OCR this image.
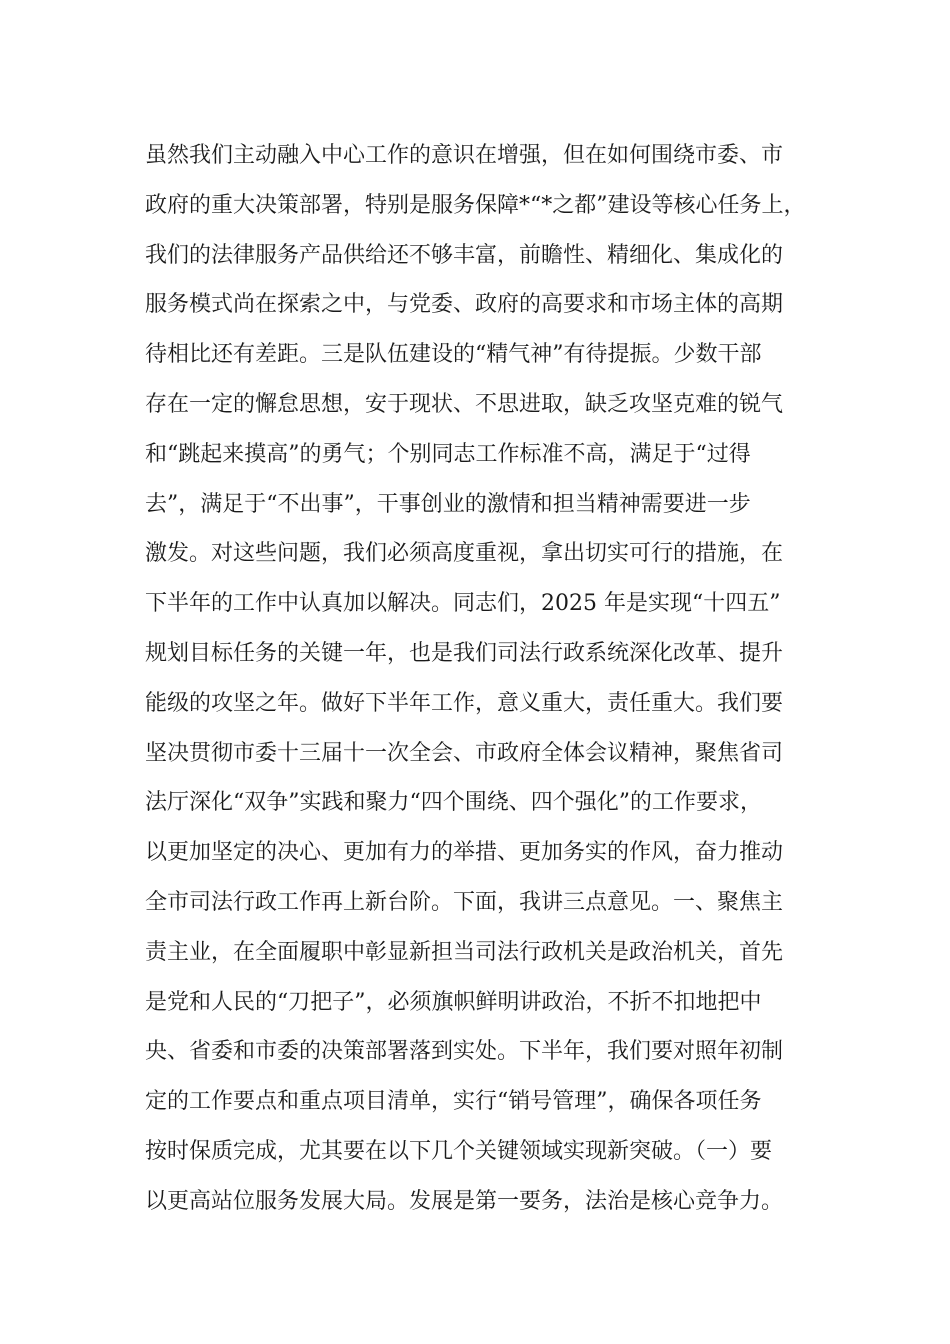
虽然我们主动融入中心工作的意识在增强，但在如何围绕市委、市
政府的重大决策部署，特别是服务保障*“*之都”建设等核心任务上，
我们的法律服务产品供给还不够丰富，前瞻性、精细化、集成化的
服务模式尚在探索之中，与党委、政府的高要求和市场主体的高期
待相比还有差距。三是队伍建设的“精气神”有待提振。少数干部
存在一定的懈怠思想，安于现状、不思进取，缺乏攻坚克难的锐气
和“跳起来摸高”的勇气；个别同志工作标准不高，满足于“过得
去”，满足于“不出事”，干事创业的激情和担当精神需要进一步
激发。对这些问题，我们必须高度重视，拿出切实可行的措施，在
下半年的工作中认真加以解决。同志们，2025 年是实现“十四五”
规划目标任务的关键一年，也是我们司法行政系统深化改革、提升
能级的攻坚之年。做好下半年工作，意义重大，责任重大。我们要
坚决贯彻市委十三届十一次全会、市政府全体会议精神，聚焦省司
法厅深化“双争”实践和聚力“四个围绕、四个强化”的工作要求，
以更加坚定的决心、更加有力的举措、更加务实的作风，奋力推动
全市司法行政工作再上新台阶。下面，我讲三点意见。一、聚焦主
责主业，在全面履职中彰显新担当司法行政机关是政治机关，首先
是党和人民的“刀把子”，必须旗帜鲜明讲政治，不折不扣地把中
央、省委和市委的决策部署落到实处。下半年，我们要对照年初制
定的工作要点和重点项目清单，实行“销号管理”，确保各项任务
按时保质完成，尤其要在以下几个关键领域实现新突破。（一）要
以更高站位服务发展大局。发展是第一要务，法治是核心竞争力。
